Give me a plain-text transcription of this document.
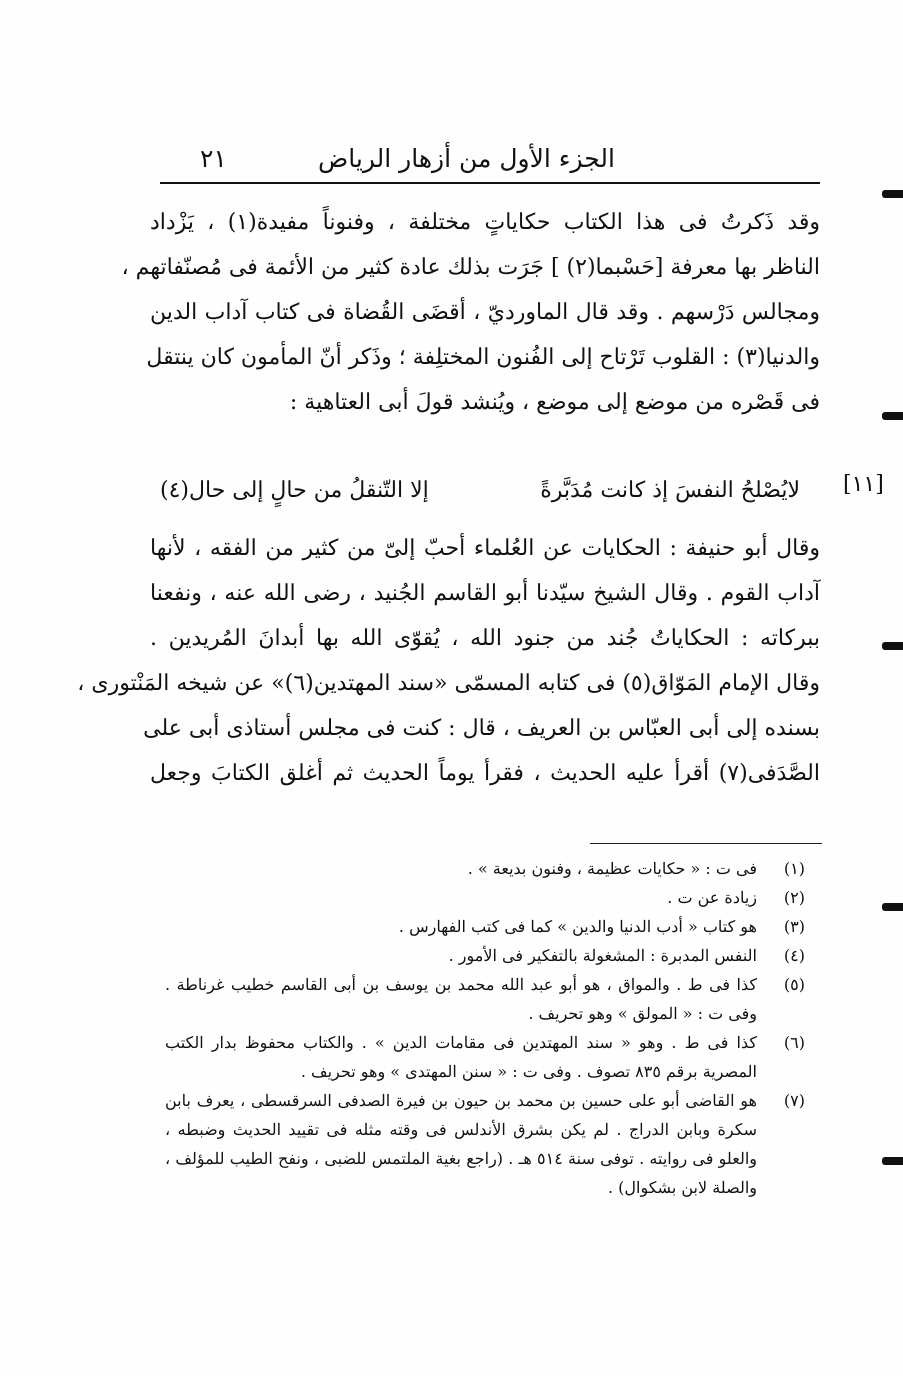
الجزء الأول من أزهار الرياض
٢١
وقد ذَكرتُ فى هذا الكتاب حكاياتٍ مختلفة ، وفنوناً مفيدة(١) ، يَزْداد
الناظر بها معرفة [حَسْبما(٢) ] جَرَت بذلك عادة كثير من الأئمة فى مُصنّفاتهم ،
ومجالس دَرْسهم . وقد قال الماورديّ ، أقضَى القُضاة فى كتاب آداب الدين
والدنيا(٣) : القلوب تَرْتاح إلى الفُنون المختلِفة ؛ وذَكر أنّ المأمون كان ينتقل
فى قَصْره من موضع إلى موضع ، ويُنشد قولَ أبى العتاهية :
لايُصْلحُ النفسَ إذ كانت مُدَبَّرةً
إلا التّنقلُ من حالٍ إلى حال(٤)	[١١]
وقال أبو حنيفة : الحكايات عن العُلماء أحبّ إلىّ من كثير من الفقه ، لأنها
آداب القوم . وقال الشيخ سيّدنا أبو القاسم الجُنيد ، رضى الله عنه ، ونفعنا
ببركاته : الحكاياتُ جُند من جنود الله ، يُقوّى الله بها أبدانَ المُريدين .
وقال الإمام المَوّاق(٥) فى كتابه المسمّى «سند المهتدين(٦)» عن شيخه المَنْتورى ،
بسنده إلى أبى العبّاس بن العريف ، قال : كنت فى مجلس أستاذى أبى على
الصَّدَفى(٧) أقرأ عليه الحديث ، فقرأ يوماً الحديث ثم أغلق الكتابَ وجعل
(١)
فى ت : « حكايات عظيمة ، وفنون بديعة » .
(٢)
زيادة عن ت .
(٣)
هو كتاب « أدب الدنيا والدين » كما فى كتب الفهارس .
(٤)
النفس المدبرة : المشغولة بالتفكير فى الأمور .
(٥)
كذا فى ط . والمواق ، هو أبو عبد الله محمد بن يوسف بن أبى القاسم خطيب غرناطة . وفى ت : « المولق » وهو تحريف .
(٦)
كذا فى ط . وهو « سند المهتدين فى مقامات الدين » . والكتاب محفوظ بدار الكتب المصرية برقم ٨٣٥ تصوف . وفى ت : « سنن المهتدى » وهو تحريف .
(٧)
هو القاضى أبو على حسين بن محمد بن حيون بن فيرة الصدفى السرقسطى ، يعرف بابن سكرة وبابن الدراج . لم يكن بشرق الأندلس فى وقته مثله فى تقييد الحديث وضبطه ، والعلو فى روايته . توفى سنة ٥١٤ هـ . (راجع بغية الملتمس للضبى ، ونفح الطيب للمؤلف ، والصلة لابن بشكوال) .
